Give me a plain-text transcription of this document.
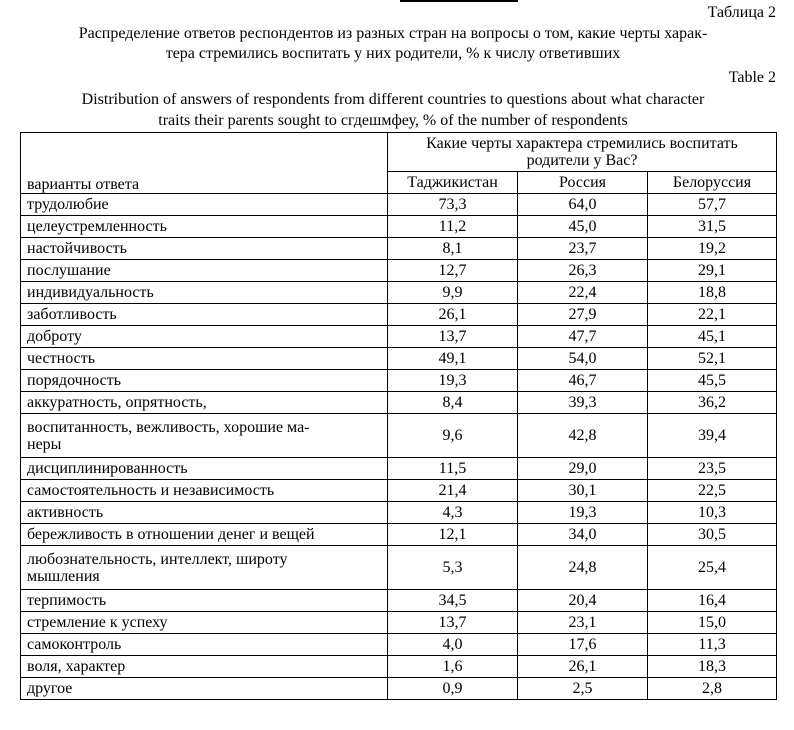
Таблица 2
Распределение ответов респондентов из разных стран на вопросы о том, какие черты харак-
тера стремились воспитать у них родители, % к числу ответивших
Table 2
Distribution of answers of respondents from different countries to questions about what character
traits their parents sought to сгдешмфеу, % of the number of respondents
	Какие черты характера стремились воспитать родители у Вас?		
варианты ответа	Таджикистан	Россия	Белоруссия
трудолюбие	73,3	64,0	57,7
целеустремленность	11,2	45,0	31,5
настойчивость	8,1	23,7	19,2
послушание	12,7	26,3	29,1
индивидуальность	9,9	22,4	18,8
заботливость	26,1	27,9	22,1
доброту	13,7	47,7	45,1
честность	49,1	54,0	52,1
порядочность	19,3	46,7	45,5
аккуратность, опрятность,	8,4	39,3	36,2
воспитанность, вежливость, хорошие ма-
неры	9,6	42,8	39,4
дисциплинированность	11,5	29,0	23,5
самостоятельность и независимость	21,4	30,1	22,5
активность	4,3	19,3	10,3
бережливость в отношении денег и вещей	12,1	34,0	30,5
любознательность, интеллект, широту
мышления	5,3	24,8	25,4
терпимость	34,5	20,4	16,4
стремление к успеху	13,7	23,1	15,0
самоконтроль	4,0	17,6	11,3
воля, характер	1,6	26,1	18,3
другое	0,9	2,5	2,8
